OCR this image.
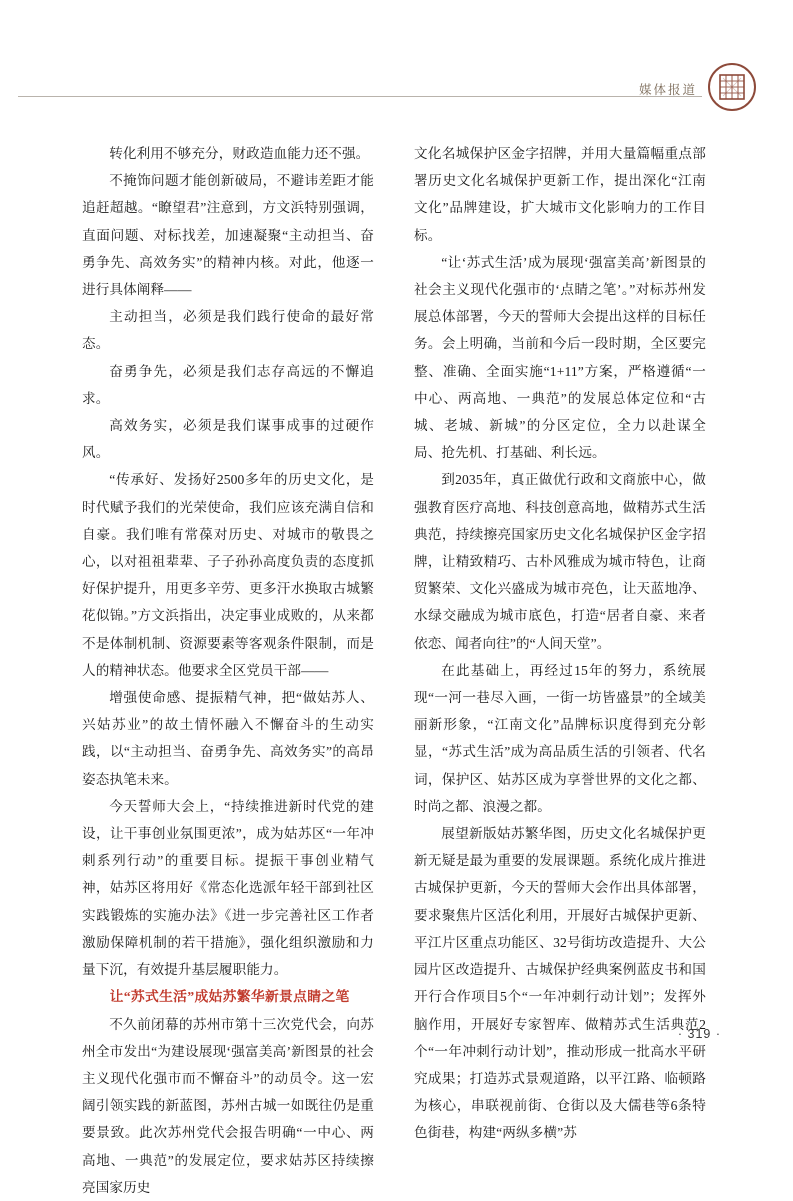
媒体报道

转化利用不够充分，财政造血能力还不强。

不掩饰问题才能创新破局，不避讳差距才能追赶超越。“瞭望君”注意到，方文浜特别强调，直面问题、对标找差，加速凝聚“主动担当、奋勇争先、高效务实”的精神内核。对此，他逐一进行具体阐释——

主动担当，必须是我们践行使命的最好常态。

奋勇争先，必须是我们志存高远的不懈追求。

高效务实，必须是我们谋事成事的过硬作风。

“传承好、发扬好2500多年的历史文化，是时代赋予我们的光荣使命，我们应该充满自信和自豪。我们唯有常葆对历史、对城市的敬畏之心，以对祖祖辈辈、子子孙孙高度负责的态度抓好保护提升，用更多辛劳、更多汗水换取古城繁花似锦。”方文浜指出，决定事业成败的，从来都不是体制机制、资源要素等客观条件限制，而是人的精神状态。他要求全区党员干部——

增强使命感、提振精气神，把“做姑苏人、兴姑苏业”的故土情怀融入不懈奋斗的生动实践，以“主动担当、奋勇争先、高效务实”的高昂姿态执笔未来。

今天誓师大会上，“持续推进新时代党的建设，让干事创业氛围更浓”，成为姑苏区“一年冲刺系列行动”的重要目标。提振干事创业精气神，姑苏区将用好《常态化选派年轻干部到社区实践锻炼的实施办法》《进一步完善社区工作者激励保障机制的若干措施》，强化组织激励和力量下沉，有效提升基层履职能力。

让“苏式生活”成姑苏繁华新景点睛之笔

不久前闭幕的苏州市第十三次党代会，向苏州全市发出“为建设展现‘强富美高’新图景的社会主义现代化强市而不懈奋斗”的动员令。这一宏阔引领实践的新蓝图，苏州古城一如既往仍是重要景致。此次苏州党代会报告明确“一中心、两高地、一典范”的发展定位，要求姑苏区持续擦亮国家历史

文化名城保护区金字招牌，并用大量篇幅重点部署历史文化名城保护更新工作，提出深化“江南文化”品牌建设，扩大城市文化影响力的工作目标。

“让‘苏式生活’成为展现‘强富美高’新图景的社会主义现代化强市的‘点睛之笔’。”对标苏州发展总体部署，今天的誓师大会提出这样的目标任务。会上明确，当前和今后一段时期，全区要完整、准确、全面实施“1+11”方案，严格遵循“一中心、两高地、一典范”的发展总体定位和“古城、老城、新城”的分区定位，全力以赴谋全局、抢先机、打基础、利长远。

到2035年，真正做优行政和文商旅中心，做强教育医疗高地、科技创意高地，做精苏式生活典范，持续擦亮国家历史文化名城保护区金字招牌，让精致精巧、古朴风雅成为城市特色，让商贸繁荣、文化兴盛成为城市亮色，让天蓝地净、水绿交融成为城市底色，打造“居者自豪、来者依恋、闻者向往”的“人间天堂”。

在此基础上，再经过15年的努力，系统展现“一河一巷尽入画，一街一坊皆盛景”的全域美丽新形象，“江南文化”品牌标识度得到充分彰显，“苏式生活”成为高品质生活的引领者、代名词，保护区、姑苏区成为享誉世界的文化之都、时尚之都、浪漫之都。

展望新版姑苏繁华图，历史文化名城保护更新无疑是最为重要的发展课题。系统化成片推进古城保护更新，今天的誓师大会作出具体部署，要求聚焦片区活化利用，开展好古城保护更新、平江片区重点功能区、32号街坊改造提升、大公园片区改造提升、古城保护经典案例蓝皮书和国开行合作项目5个“一年冲刺行动计划”；发挥外脑作用，开展好专家智库、做精苏式生活典范2个“一年冲刺行动计划”，推动形成一批高水平研究成果；打造苏式景观道路，以平江路、临顿路为核心，串联视前街、仓街以及大儒巷等6条特色街巷，构建“两纵多横”苏

· 319 ·
